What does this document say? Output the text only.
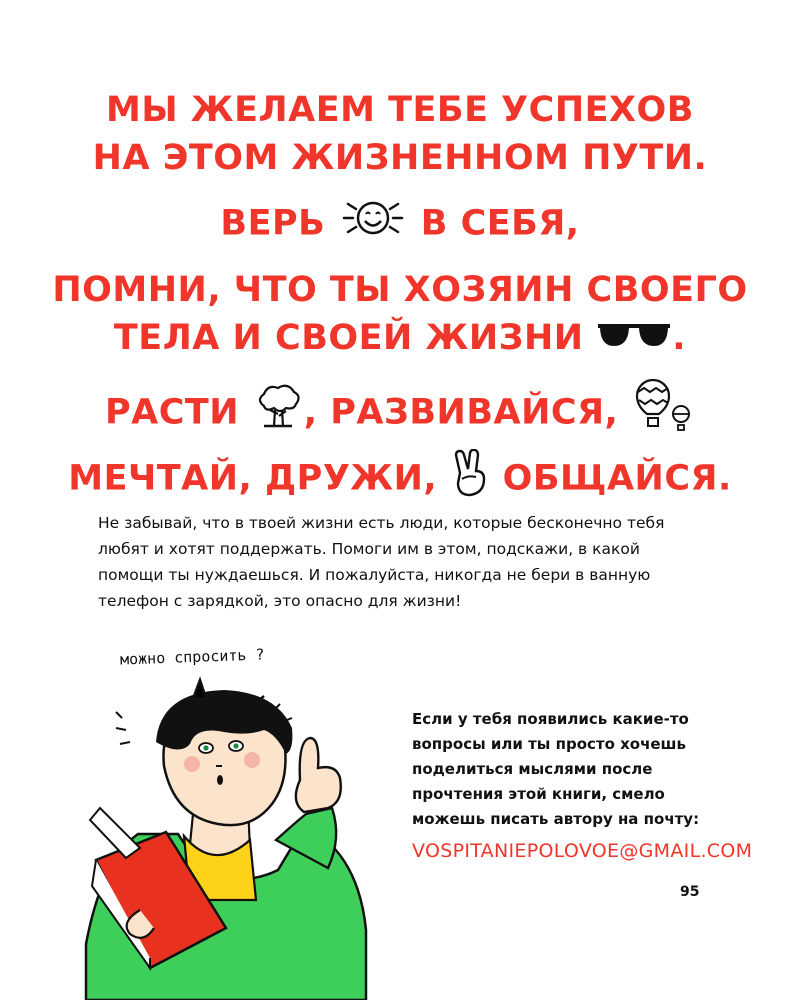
МЫ ЖЕЛАЕМ ТЕБЕ УСПЕХОВ
НА ЭТОМ ЖИЗНЕННОМ ПУТИ.
ВЕРЬ	В СЕБЯ,
ПОМНИ, ЧТО ТЫ ХОЗЯИН СВОЕГО
ТЕЛА И СВОЕЙ ЖИЗНИ	.
РАСТИ , РАЗВИВАЙСЯ,
МЕЧТАЙ, ДРУЖИ, ОБЩАЙСЯ.
Не забывай, что в твоей жизни есть люди, которые бесконечно тебя
любят и хотят поддержать. Помоги им в этом, подскажи, в какой
помощи ты нуждаешься. И пожалуйста, никогда не бери в ванную
телефон с зарядкой, это опасно для жизни!
можно спросить ?
Если у тебя появились какие-то
вопросы или ты просто хочешь
поделиться мыслями после
прочтения этой книги, смело
можешь писать автору на почту:
VOSPITANIEPOLOVOE@GMAIL.COM
95
